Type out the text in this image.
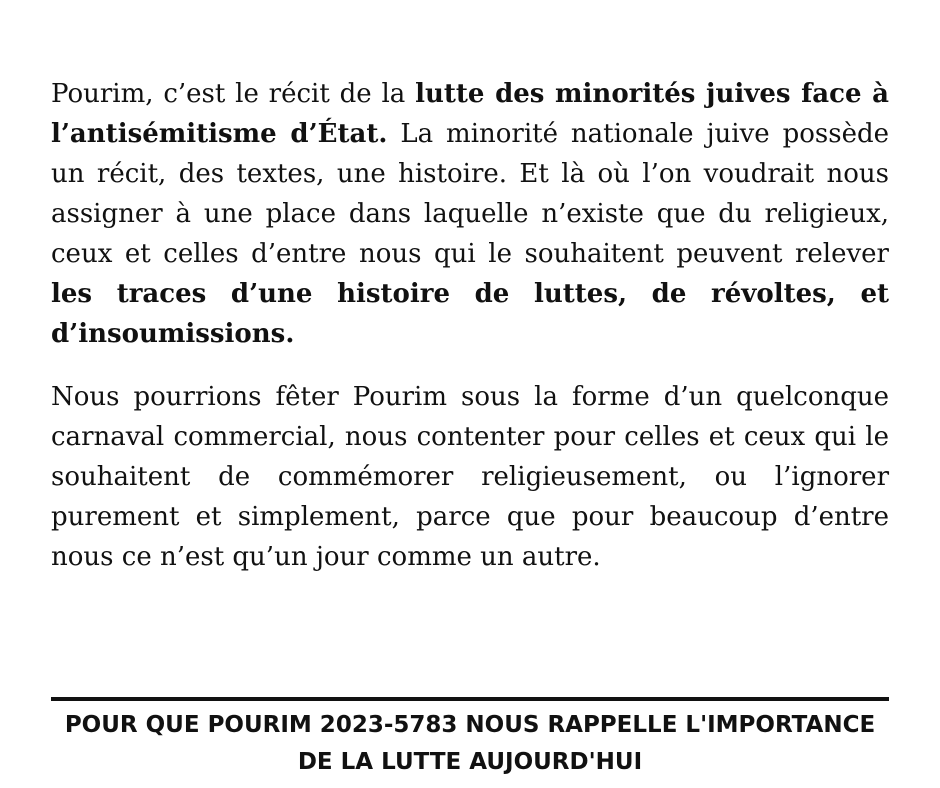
Pourim, c’est le récit de la lutte des minorités juives face à l’antisémitisme d’État. La minorité nationale juive possède un récit, des textes, une histoire. Et là où l’on voudrait nous assigner à une place dans laquelle n’existe que du religieux, ceux et celles d’entre nous qui le souhaitent peuvent relever les traces d’une histoire de luttes, de révoltes, et d’insoumissions.

Nous pourrions fêter Pourim sous la forme d’un quelconque carnaval commercial, nous contenter pour celles et ceux qui le souhaitent de commémorer religieusement, ou l’ignorer purement et simplement, parce que pour beaucoup d’entre nous ce n’est qu’un jour comme un autre.

POUR QUE POURIM 2023-5783 NOUS RAPPELLE L'IMPORTANCE
DE LA LUTTE AUJOURD'HUI
